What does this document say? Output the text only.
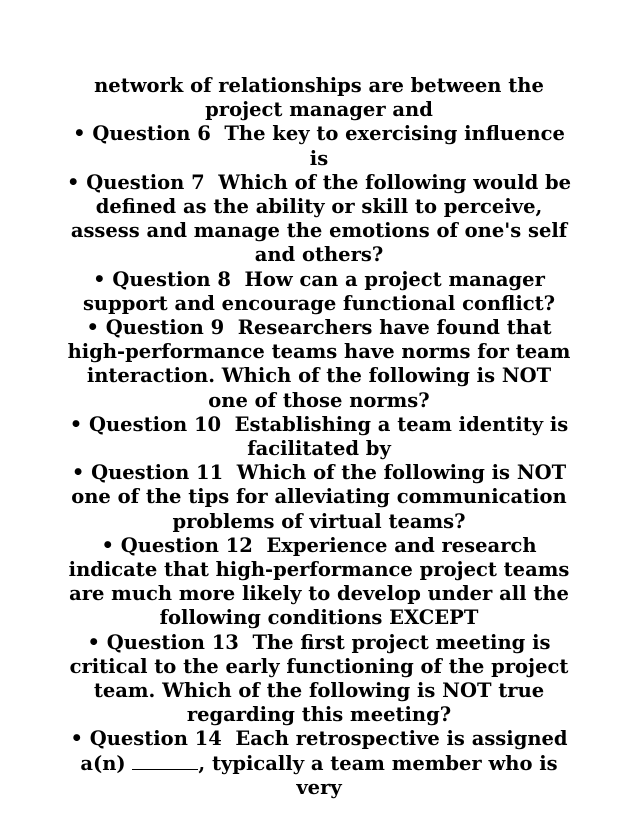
network of relationships are between the project manager and

• Question 6 The key to exercising influence is

• Question 7 Which of the following would be defined as the ability or skill to perceive, assess and manage the emotions of one's self and others?

• Question 8 How can a project manager support and encourage functional conflict?

• Question 9 Researchers have found that high-performance teams have norms for team interaction. Which of the following is NOT one of those norms?

• Question 10 Establishing a team identity is facilitated by

• Question 11 Which of the following is NOT one of the tips for alleviating communication problems of virtual teams?

• Question 12 Experience and research indicate that high-performance project teams are much more likely to develop under all the following conditions EXCEPT

• Question 13 The first project meeting is critical to the early functioning of the project team. Which of the following is NOT true regarding this meeting?

• Question 14 Each retrospective is assigned a(n)	, typically a team member who is very
